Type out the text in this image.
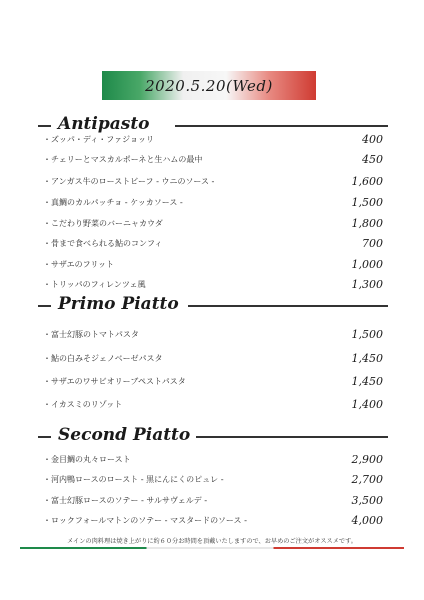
2020.5.20(Wed)
Antipasto
・ズッパ・ディ・ファジョッリ	400
・チェリーとマスカルポーネと生ハムの最中	450
・アンガス牛のローストビーフ - ウニのソース -	1,600
・真鯛のカルパッチョ - ケッカソース -	1,500
・こだわり野菜のバーニャカウダ	1,800
・骨まで食べられる鮎のコンフィ	700
・サザエのフリット	1,000
・トリッパのフィレンツェ風	1,300
Primo Piatto
・富士幻豚のトマトパスタ	1,500
・鮎の白みそジェノベーゼパスタ	1,450
・サザエのワサビオリーブペストパスタ	1,450
・イカスミのリゾット	1,400
Second Piatto
・金目鯛の丸々ロースト	2,900
・河内鴨ロースのロースト - 黒にんにくのピュレ -	2,700
・富士幻豚ロースのソテー - サルサヴェルデ -	3,500
・ロックフォールマトンのソテー - マスタードのソース -	4,000
メインの肉料理は焼き上がりに約６０分お時間を頂戴いたしますので、お早めのご注文がオススメです。
